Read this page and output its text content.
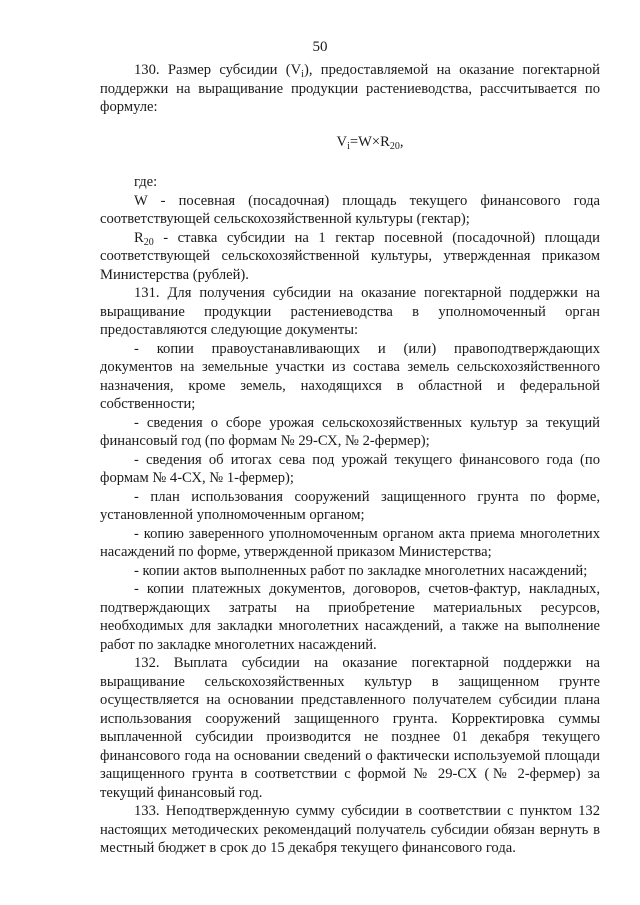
50

130. Размер субсидии $(V_i)$, предоставляемой на оказание погектарной поддержки на выращивание продукции растениеводства, рассчитывается по формуле:

$V_i=W\times R_{20}$,

где:

W - посевная (посадочная) площадь текущего финансового года соответствующей сельскохозяйственной культуры (гектар);

$R_{20}$ - ставка субсидии на 1 гектар посевной (посадочной) площади соответствующей сельскохозяйственной культуры, утвержденная приказом Министерства (рублей).

131. Для получения субсидии на оказание погектарной поддержки на выращивание продукции растениеводства в уполномоченный орган предоставляются следующие документы:

- копии правоустанавливающих и (или) правоподтверждающих документов на земельные участки из состава земель сельскохозяйственного назначения, кроме земель, находящихся в областной и федеральной собственности;

- сведения о сборе урожая сельскохозяйственных культур за текущий финансовый год (по формам № 29-СХ, № 2-фермер);

- сведения об итогах сева под урожай текущего финансового года (по формам № 4-СХ, № 1-фермер);

- план использования сооружений защищенного грунта по форме, установленной уполномоченным органом;

- копию заверенного уполномоченным органом акта приема многолетних насаждений по форме, утвержденной приказом Министерства;

- копии актов выполненных работ по закладке многолетних насаждений;

- копии платежных документов, договоров, счетов-фактур, накладных, подтверждающих затраты на приобретение материальных ресурсов, необходимых для закладки многолетних насаждений, а также на выполнение работ по закладке многолетних насаждений.

132. Выплата субсидии на оказание погектарной поддержки на выращивание сельскохозяйственных культур в защищенном грунте осуществляется на основании представленного получателем субсидии плана использования сооружений защищенного грунта. Корректировка суммы выплаченной субсидии производится не позднее 01 декабря текущего финансового года на основании сведений о фактически используемой площади защищенного грунта в соответствии с формой № 29-СХ (№ 2-фермер) за текущий финансовый год.

133. Неподтвержденную сумму субсидии в соответствии с пунктом 132 настоящих методических рекомендаций получатель субсидии обязан вернуть в местный бюджет в срок до 15 декабря текущего финансового года.
